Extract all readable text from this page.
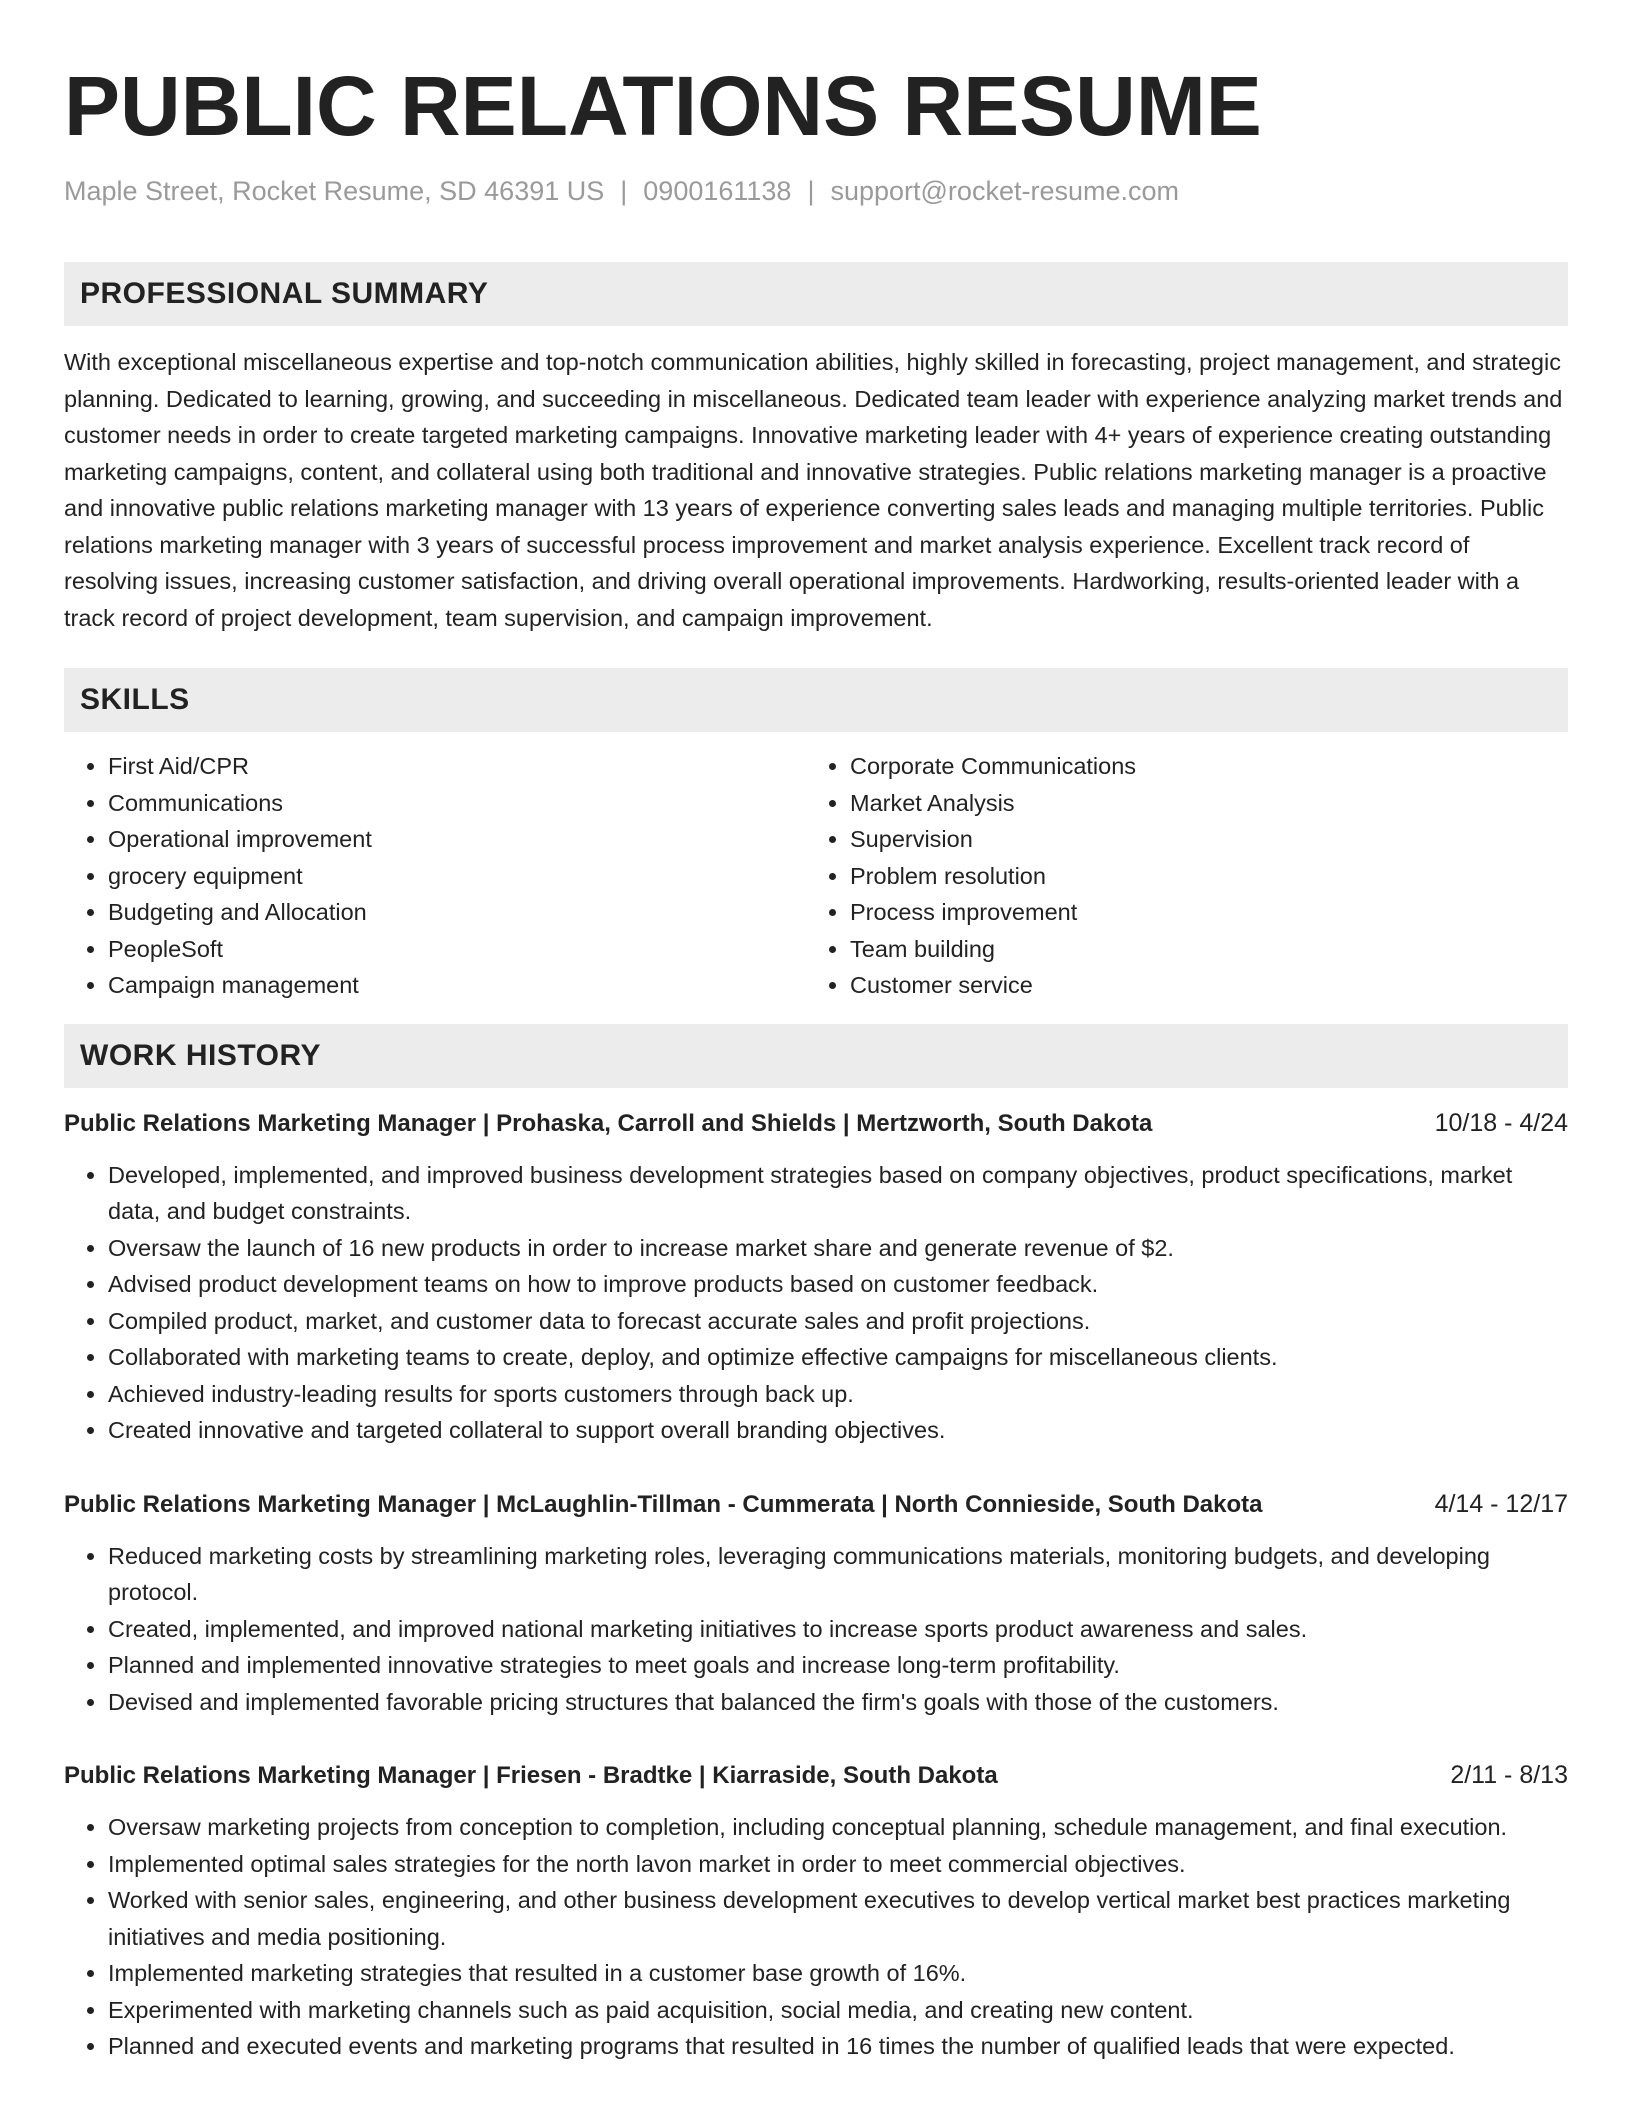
PUBLIC RELATIONS RESUME
Maple Street, Rocket Resume, SD 46391 US | 0900161138 | support@rocket-resume.com
PROFESSIONAL SUMMARY
With exceptional miscellaneous expertise and top-notch communication abilities, highly skilled in forecasting, project management, and strategic planning. Dedicated to learning, growing, and succeeding in miscellaneous. Dedicated team leader with experience analyzing market trends and customer needs in order to create targeted marketing campaigns. Innovative marketing leader with 4+ years of experience creating outstanding marketing campaigns, content, and collateral using both traditional and innovative strategies. Public relations marketing manager is a proactive and innovative public relations marketing manager with 13 years of experience converting sales leads and managing multiple territories. Public relations marketing manager with 3 years of successful process improvement and market analysis experience. Excellent track record of resolving issues, increasing customer satisfaction, and driving overall operational improvements. Hardworking, results-oriented leader with a track record of project development, team supervision, and campaign improvement.
SKILLS
• First Aid/CPR
• Communications
• Operational improvement
• grocery equipment
• Budgeting and Allocation
• PeopleSoft
• Campaign management
• Corporate Communications
• Market Analysis
• Supervision
• Problem resolution
• Process improvement
• Team building
• Customer service
WORK HISTORY
Public Relations Marketing Manager | Prohaska, Carroll and Shields | Mertzworth, South Dakota	10/18 - 4/24
• Developed, implemented, and improved business development strategies based on company objectives, product specifications, market data, and budget constraints.
• Oversaw the launch of 16 new products in order to increase market share and generate revenue of $2.
• Advised product development teams on how to improve products based on customer feedback.
• Compiled product, market, and customer data to forecast accurate sales and profit projections.
• Collaborated with marketing teams to create, deploy, and optimize effective campaigns for miscellaneous clients.
• Achieved industry-leading results for sports customers through back up.
• Created innovative and targeted collateral to support overall branding objectives.
Public Relations Marketing Manager | McLaughlin-Tillman - Cummerata | North Connieside, South Dakota	4/14 - 12/17
• Reduced marketing costs by streamlining marketing roles, leveraging communications materials, monitoring budgets, and developing protocol.
• Created, implemented, and improved national marketing initiatives to increase sports product awareness and sales.
• Planned and implemented innovative strategies to meet goals and increase long-term profitability.
• Devised and implemented favorable pricing structures that balanced the firm's goals with those of the customers.
Public Relations Marketing Manager | Friesen - Bradtke | Kiarraside, South Dakota	2/11 - 8/13
• Oversaw marketing projects from conception to completion, including conceptual planning, schedule management, and final execution.
• Implemented optimal sales strategies for the north lavon market in order to meet commercial objectives.
• Worked with senior sales, engineering, and other business development executives to develop vertical market best practices marketing initiatives and media positioning.
• Implemented marketing strategies that resulted in a customer base growth of 16%.
• Experimented with marketing channels such as paid acquisition, social media, and creating new content.
• Planned and executed events and marketing programs that resulted in 16 times the number of qualified leads that were expected.
